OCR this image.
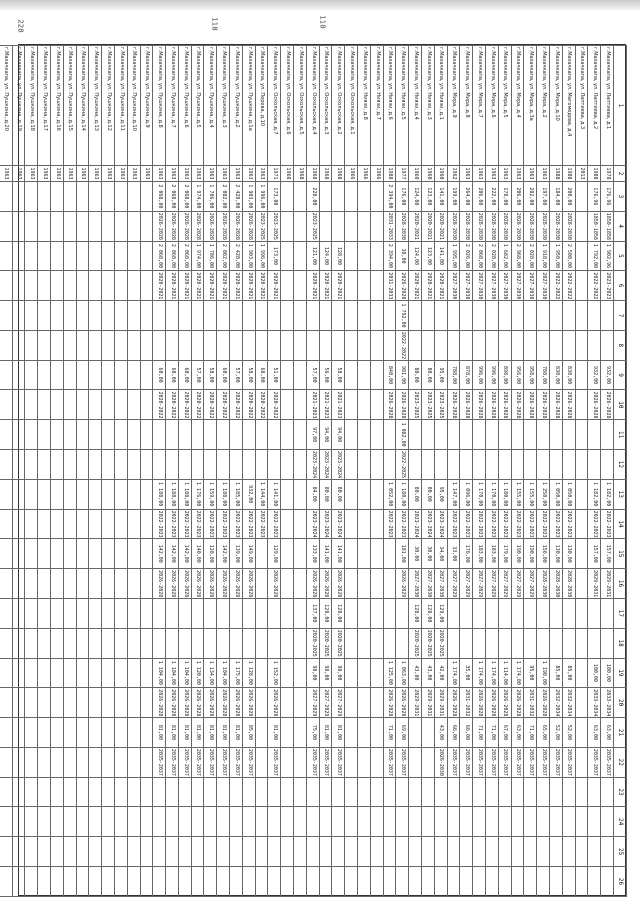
228	118	118
1	2	3	4	5	6	7	8	9	10	11	12	13	14	15	16	17	18	19	20	21	22	23	24	25	26
г.Махачкала, ул. Лаптиева, д.1	1978	176,96	1850-1858	1 902,96	2023-2023			932,00	2026-2028			1 182,00	2022-2023	157,00	2029-2031			100,00	2033-2034	63,00	2035-2037				
г.Махачкала, ул. Лаптиева, д.2	1988	176,96	1850-1858	1 792,00	2022-2022			932,00	2026-2028			1 182,00	2022-2023	157,00	2029-2031			100,00	2033-2034	63,00	2035-2037				
г.Махачкала, ул. Лаптиева, д.3	2013																								
г.Махачкала, ул. Магомедова, д.4	1988	200,00	2028-2030	2 508,00	2022-2022			830,00	2026-2028			1 050,00	2022-2023	130,00	2028-2030			85,00	2032-2034	52,00	2035-2037				
г.Махачкала, ул. Мира, д.10	1988	184,00	2028-2030	1 950,00	2022-2022			830,00	2026-2028			1 050,00	2022-2023	130,00	2028-2030			85,00	2032-2034	52,00	2035-2037				
г.Махачкала, ул. Мира, д.2	1963	197,00	2028-2030	1 918,00	2027-2030			788,00	2026-2028			1 250,00	2022-2023	156,00	2028-2030			1 198,00	2026-2028	65,00	2035-2037				
г.Махачкала, ул. Мира, д.3а	1963	282,00	2028-2030	2 028,00	2027-2030			958,00	2026-2028			1 155,00	2022-2023	190,00	2027-2029			95,00	2031-2032	71,00	2035-2037				
г.Махачкала, ул. Мира, д.4	1963	206,00	2028-2030	2 968,00	2027-2030			956,00	2026-2028			1 155,00	2022-2023	190,00	2027-2029			1 174,00	2026-2028	63,00	2035-2037				
г.Махачкала, ул. Мира, д.5	1963	178,00	2028-2030	1 682,00	2027-2030			898,00	2026-2028			1 180,00	2022-2023	179,00	2027-2029			1 114,00	2026-2028	67,00	2035-2037				
г.Махачкала, ул. Мира, д.6	1963	222,00	2028-2030	2 028,00	2027-2030			996,00	2026-2028			1 170,00	2022-2023	183,00	2027-2029			1 174,00	2026-2028	71,00	2035-2037				
г.Махачкала, ул. Мира, д.7	1963	206,00	2028-2030	2 068,00	2027-2030			996,00	2026-2028			1 170,00	2022-2023	183,00	2027-2029			1 174,00	2026-2028	71,00	2035-2037				
г.Махачкала, ул. Мира, д.8	1963	264,00	2028-2030	2 026,00	2027-2030			878,00	2026-2028			1 096,00	2022-2023	176,00	2027-2029			35,00	2031-2032	66,00	2035-2037				
г.Махачкала, ул. Мира, д.9	1962	199,00	2028-2030	1 995,00	2027-2030			788,00	2026-2028			1 147,00	2022-2023	33,00	2027-2029			1 174,00	2026-2028	66,00	2035-2037				
г.Махачкала, ул. Ниязи, д.1	1960	141,00	2020-2021	141,00	2020-2021			95,00	2023-2025			95,00	2023-2024	34,00	2027-2030	129,00	2020-2025	42,00	2029-2031	43,00	2026-2030				
г.Махачкала, ул. Ниязи, д.3	1960	123,00	2020-2021	123,00	2020-2021			80,00	2023-2025			80,00	2023-2024	30,00	2027-2030	128,00	2020-2025	43,00	2029-2031						
г.Махачкала, ул. Ниязи, д.4	1960	124,00	2020-2021	124,00	2020-2021			80,00	2023-2025			80,00	2023-2024	30,00	2027-2030	128,00	2020-2025	43,00	2029-2031						
г.Махачкала, ул. Ниязи, д.5	1977	176,00	2028-2030	38,00	2026-2028	1 792,00	2022-2022	981,00	2026-2028	1 082,00	2022-2025	1 180,00	2022-2023	181,00	2026-2029			1 063,00	2026-2028	69,00	2035-2037				
г.Махачкала, ул. Ниязи, д.6	1988	2 394,00	2031-2033	2 394,00	2031-2033			840,00	2026-2028			1 052,00	2022-2023					1 125,00	2026-2028	71,00	2035-2037				
г.Махачкала, ул. Ниязи, д.7	1966																								
г.Махачкала, ул. Ниязи, д.8	1966																								
г.Махачкала, ул. Оскольская, д.1	1966																								
г.Махачкала, ул. Оскольская, д.2	1968			128,00	2020-2021			58,00	2021-2023	94,00	2023-2024	80,00	2023-2024	141,00	2026-2028	128,00	2020-2025	98,00	2027-2029	81,00	2035-2037				
г.Махачкала, ул. Оскольская, д.3	1968			124,00	2020-2021			56,00	2021-2023	94,00	2023-2024	80,00	2023-2024	141,00	2026-2028	128,00	2020-2025	98,00	2027-2029	81,00	2035-2037				
г.Махачкала, ул. Оскольская, д.4	1968	228,00	2023-2025	121,00	2020-2021			57,00	2021-2023	97,00	2023-2024	84,00	2023-2024	133,00	2026-2028	137,00	2020-2025	98,00	2027-2029	75,00	2035-2037				
г.Махачкала, ул. Оскольская, д.5	1968																								
г.Махачкала, ул. Оскольская, д.6	1968																								
г.Махачкала, ул. Оскольская, д.7	1971	173,00	2023-2025	173,00	2020-2021			51,00	2020-2022			1 141,00	2022-2023	129,00	2026-2028			1 152,00	2026-2028	81,00	2035-2037				
г.Махачкала, ул. Перова, д.10	1963	1 996,00	2023-2025	1 996,00	2020-2021			68,00	2020-2022			1 144,00	2022-2023												
г.Махачкала, ул. Пушкина, д.1а	1963	1 903,00	2026-2028	1 903,00	2020-2021			58,00	2020-2022			932,00	2022-2023	149,00	2026-2028			1 128,00	2026-2028	85,00	2035-2037				
г.Махачкала, ул. Пушкина, д.2	1963	2 428,00	2026-2028	2 428,00	2020-2021			57,00	2020-2022			1 185,00	2022-2023	139,00	2026-2028			1 175,00	2026-2028	81,00	2035-2037				
г.Махачкала, ул. Пушкина, д.3	1963	2 082,00	2026-2028	2 082,00	2020-2021			60,00	2020-2022			1 188,00	2022-2023	142,00	2026-2028			1 104,00	2026-2028	81,00	2035-2037				
г.Махачкала, ул. Пушкина, д.4	1963	1 786,00	2026-2028	1 786,00	2020-2021			58,00	2020-2022			1 159,00	2022-2023	128,00	2026-2028			1 134,00	2026-2028	81,00	2035-2037				
г.Махачкала, ул. Пушкина, д.5	1963	1 974,00	2026-2028	1 974,00	2020-2021			57,00	2020-2022			1 176,00	2022-2023	140,00	2026-2028			1 120,00	2026-2028	81,00	2035-2037				
г.Махачкала, ул. Пушкина, д.6	1963	2 068,00	2026-2028	2 068,00	2020-2021			60,00	2020-2022			1 188,00	2022-2023	142,00	2026-2028			1 104,00	2026-2028	81,00	2035-2037				
г.Махачкала, ул. Пушкина, д.7	1963	2 068,00	2026-2028	2 068,00	2020-2021			60,00	2020-2022			1 188,00	2022-2023	142,00	2026-2028			1 104,00	2026-2028	81,00	2035-2037				
г.Махачкала, ул. Пушкина, д.8	1963	2 068,00	2026-2028	2 068,00	2020-2021			60,00	2020-2022			1 188,00	2022-2023	142,00	2026-2028			1 104,00	2026-2028	81,00	2035-2037				
г.Махачкала, ул. Пушкина, д.9	1963																								
г.Махачкала, ул. Пушкина, д.10	1963																								
г.Махачкала, ул. Пушкина, д.11	1963																								
г.Махачкала, ул. Пушкина, д.12	1963																								
г.Махачкала, ул. Пушкина, д.13	1963																								
г.Махачкала, ул. Пушкина, д.14	1963																								
г.Махачкала, ул. Пушкина, д.15	1963																								
г.Махачкала, ул. Пушкина, д.16	1963																								
г.Махачкала, ул. Пушкина, д.17	1963																								
г.Махачкала, ул. Пушкина, д.18	1963																								
г.Махачкала, ул. Пушкина, д.19	1963																								
г.Махачкала, ул. Пушкина, д.20	1963																								
